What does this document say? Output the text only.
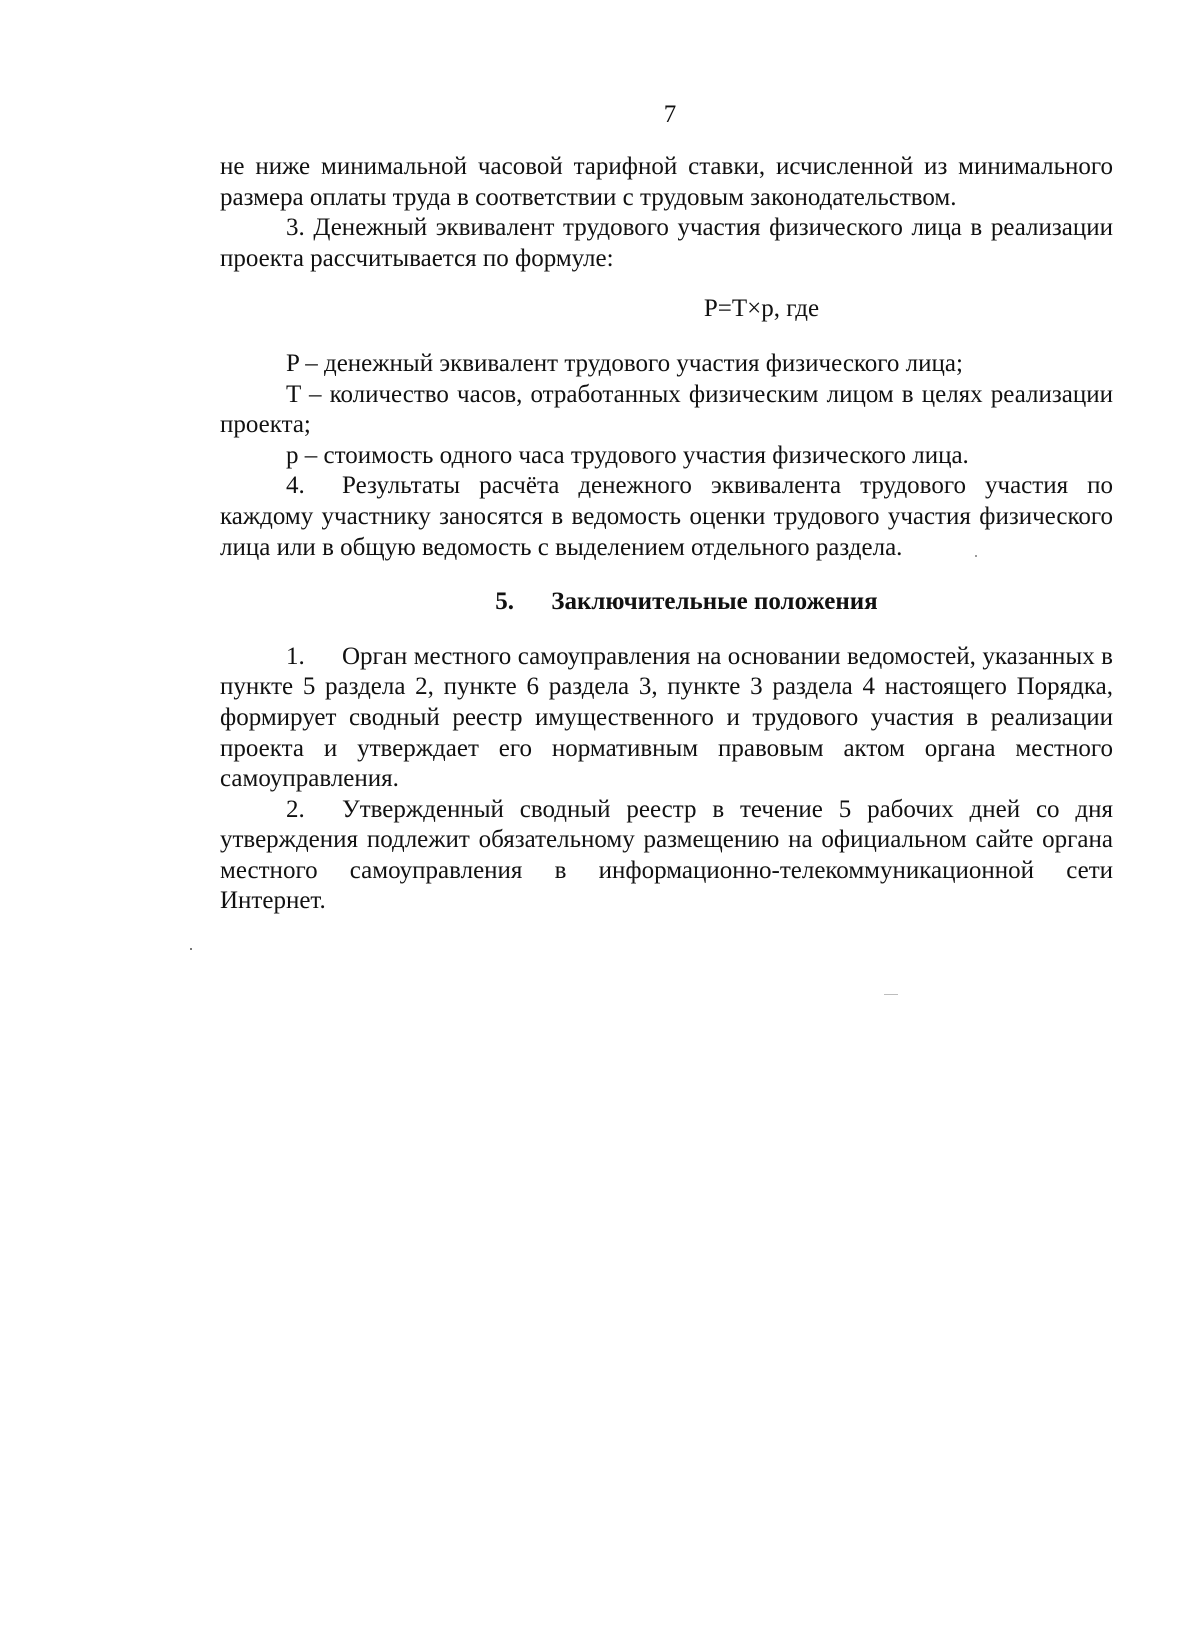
7

не ниже минимальной часовой тарифной ставки, исчисленной из минимального размера оплаты труда в соответствии с трудовым законодательством.

3. Денежный эквивалент трудового участия физического лица в реализации проекта рассчитывается по формуле:

P=T×p, где

P – денежный эквивалент трудового участия физического лица;

T – количество часов, отработанных физическим лицом в целях реализации проекта;

p – стоимость одного часа трудового участия физического лица.

4. Результаты расчёта денежного эквивалента трудового участия по каждому участнику заносятся в ведомость оценки трудового участия физического лица или в общую ведомость с выделением отдельного раздела.

5. Заключительные положения

1. Орган местного самоуправления на основании ведомостей, указанных в пункте 5 раздела 2, пункте 6 раздела 3, пункте 3 раздела 4 настоящего Порядка, формирует сводный реестр имущественного и трудового участия в реализации проекта и утверждает его нормативным правовым актом органа местного самоуправления.

2. Утвержденный сводный реестр в течение 5 рабочих дней со дня утверждения подлежит обязательному размещению на официальном сайте органа местного самоуправления в информационно-телекоммуникационной сети Интернет.
